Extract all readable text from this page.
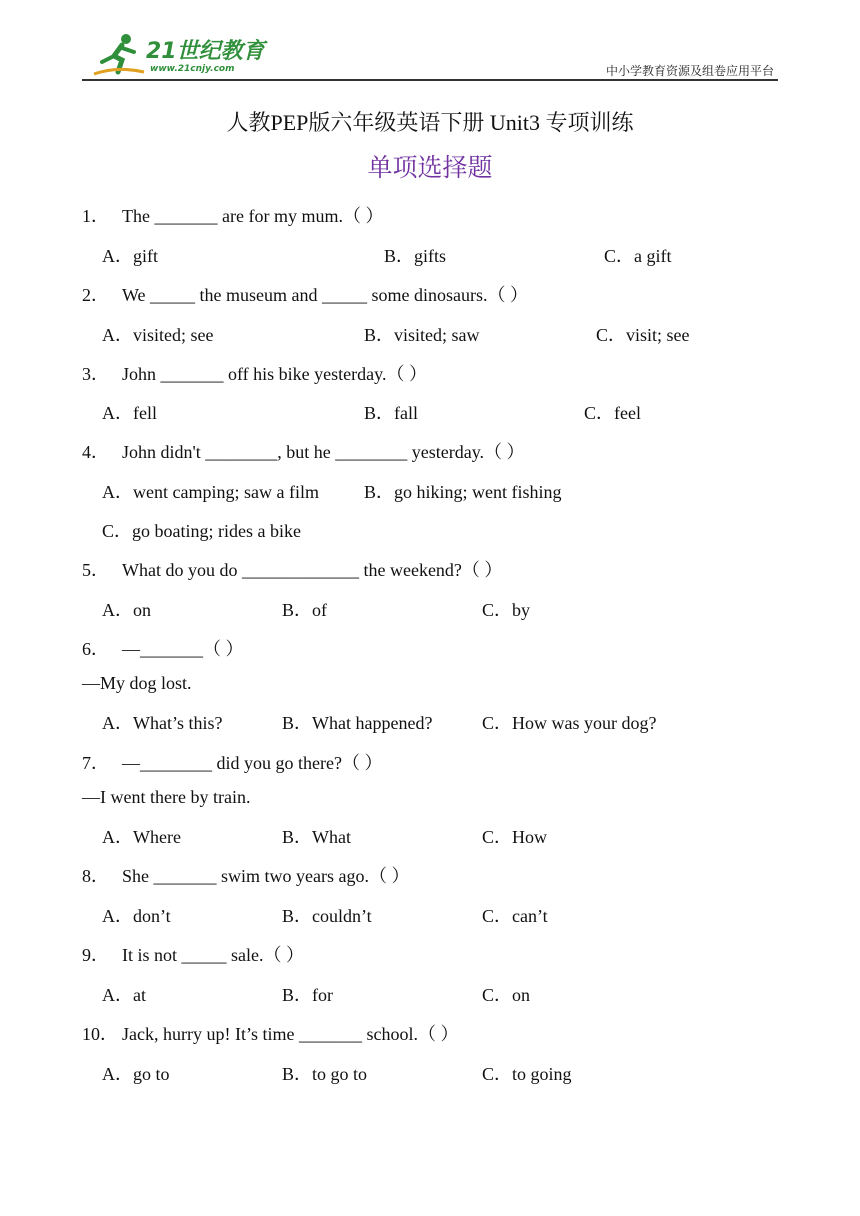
21世纪教育
www.21cnjy.com	中小学教育资源及组卷应用平台
人教PEP版六年级英语下册 Unit3 专项训练
单项选择题
1． The _______ are for my mum.（ ）
A．gift	B．gifts	C．a gift
2． We _____ the museum and _____ some dinosaurs.（ ）
A．visited; see	B．visited; saw	C．visit; see
3． John _______ off his bike yesterday.（ ）
A．fell	B．fall	C．feel
4． John didn't ________, but he ________ yesterday.（ ）
A．went camping; saw a film	B．go hiking; went fishing
C．go boating; rides a bike
5． What do you do _____________ the weekend?（ ）
A．on	B．of	C．by
6． —_______（ ）
—My dog lost.
A．What’s this?	B．What happened?	C．How was your dog?
7． —________ did you go there?（ ）
—I went there by train.
A．Where	B．What	C．How
8． She _______ swim two years ago.（ ）
A．don’t	B．couldn’t	C．can’t
9． It is not _____ sale.（ ）
A．at	B．for	C．on
10． Jack, hurry up! It’s time _______ school.（ ）
A．go to	B．to go to	C．to going
